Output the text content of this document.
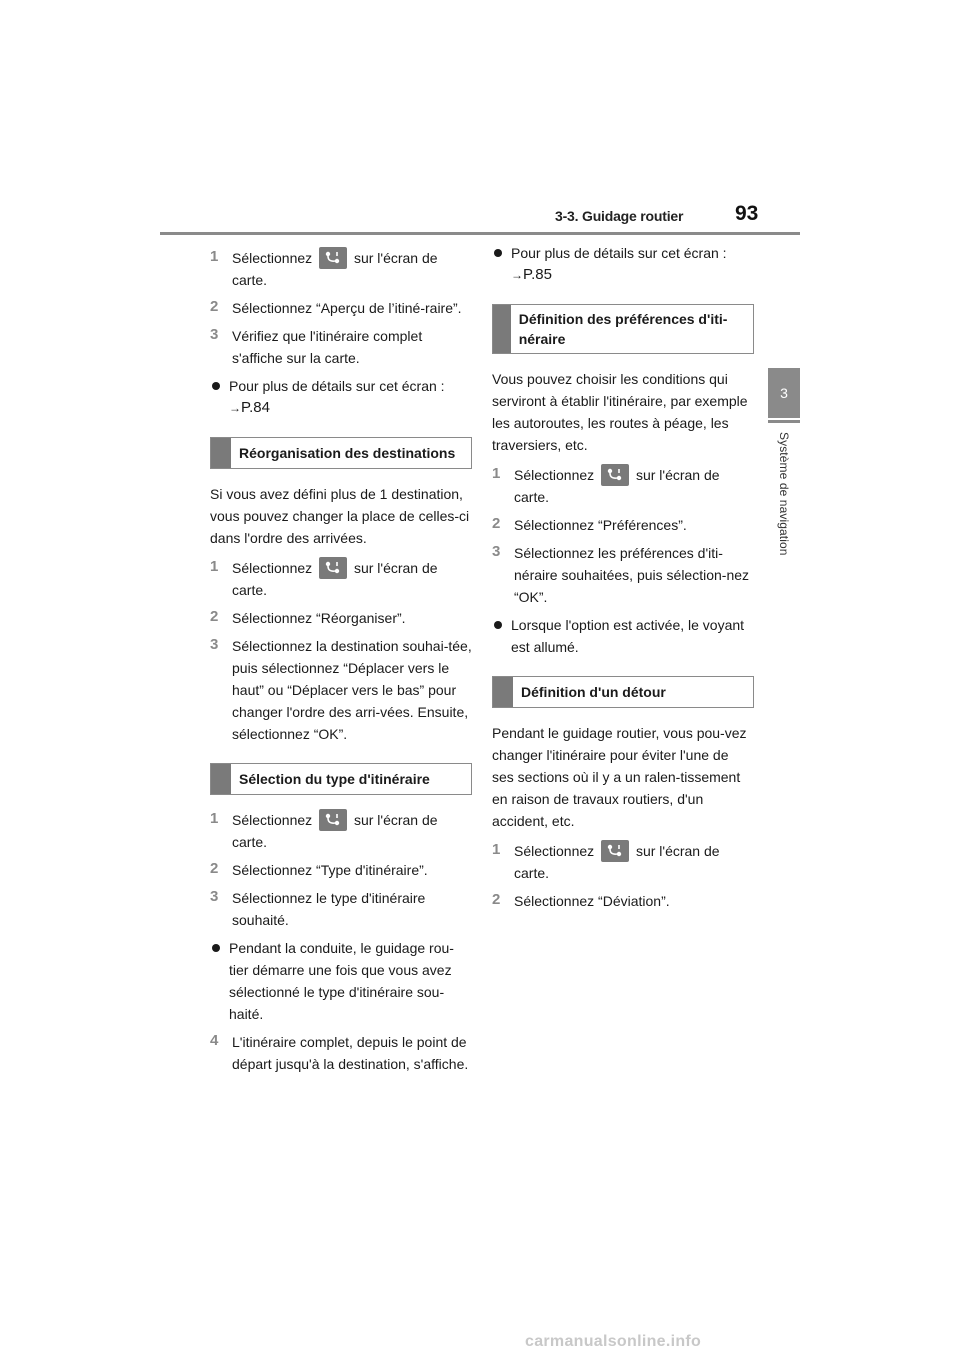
3-3. Guidage routier 93
3
Système de navigation
1 Sélectionnez	sur l'écran de carte.
2 Sélectionnez “Aperçu de l’itiné-raire”.
3 Vérifiez que l'itinéraire complet s'affiche sur la carte.
Pour plus de détails sur cet écran :
→P.84
Réorganisation des destinations
Si vous avez défini plus de 1 destination, vous pouvez changer la place de celles-ci dans l'ordre des arrivées.
1 Sélectionnez	sur l'écran de carte.
2 Sélectionnez “Réorganiser”.
3 Sélectionnez la destination souhai-tée, puis sélectionnez “Déplacer vers le haut” ou “Déplacer vers le bas” pour changer l'ordre des arri-vées. Ensuite, sélectionnez “OK”.
Sélection du type d'itinéraire
1 Sélectionnez	sur l'écran de carte.
2 Sélectionnez “Type d'itinéraire”.
3 Sélectionnez le type d'itinéraire souhaité.
Pendant la conduite, le guidage rou-tier démarre une fois que vous avez sélectionné le type d'itinéraire sou-haité.
4 L'itinéraire complet, depuis le point de départ jusqu'à la destination, s'affiche.
Pour plus de détails sur cet écran :
→P.85
Définition des préférences d'iti-néraire
Vous pouvez choisir les conditions qui serviront à établir l'itinéraire, par exemple les autoroutes, les routes à péage, les traversiers, etc.
1 Sélectionnez	sur l'écran de carte.
2 Sélectionnez “Préférences”.
3 Sélectionnez les préférences d'iti-néraire souhaitées, puis sélection-nez “OK”.
Lorsque l'option est activée, le voyant est allumé.
Définition d'un détour
Pendant le guidage routier, vous pou-vez changer l'itinéraire pour éviter l'une de ses sections où il y a un ralen-tissement en raison de travaux routiers, d'un accident, etc.
1 Sélectionnez	sur l'écran de carte.
2 Sélectionnez “Déviation”.
carmanualsonline.info
